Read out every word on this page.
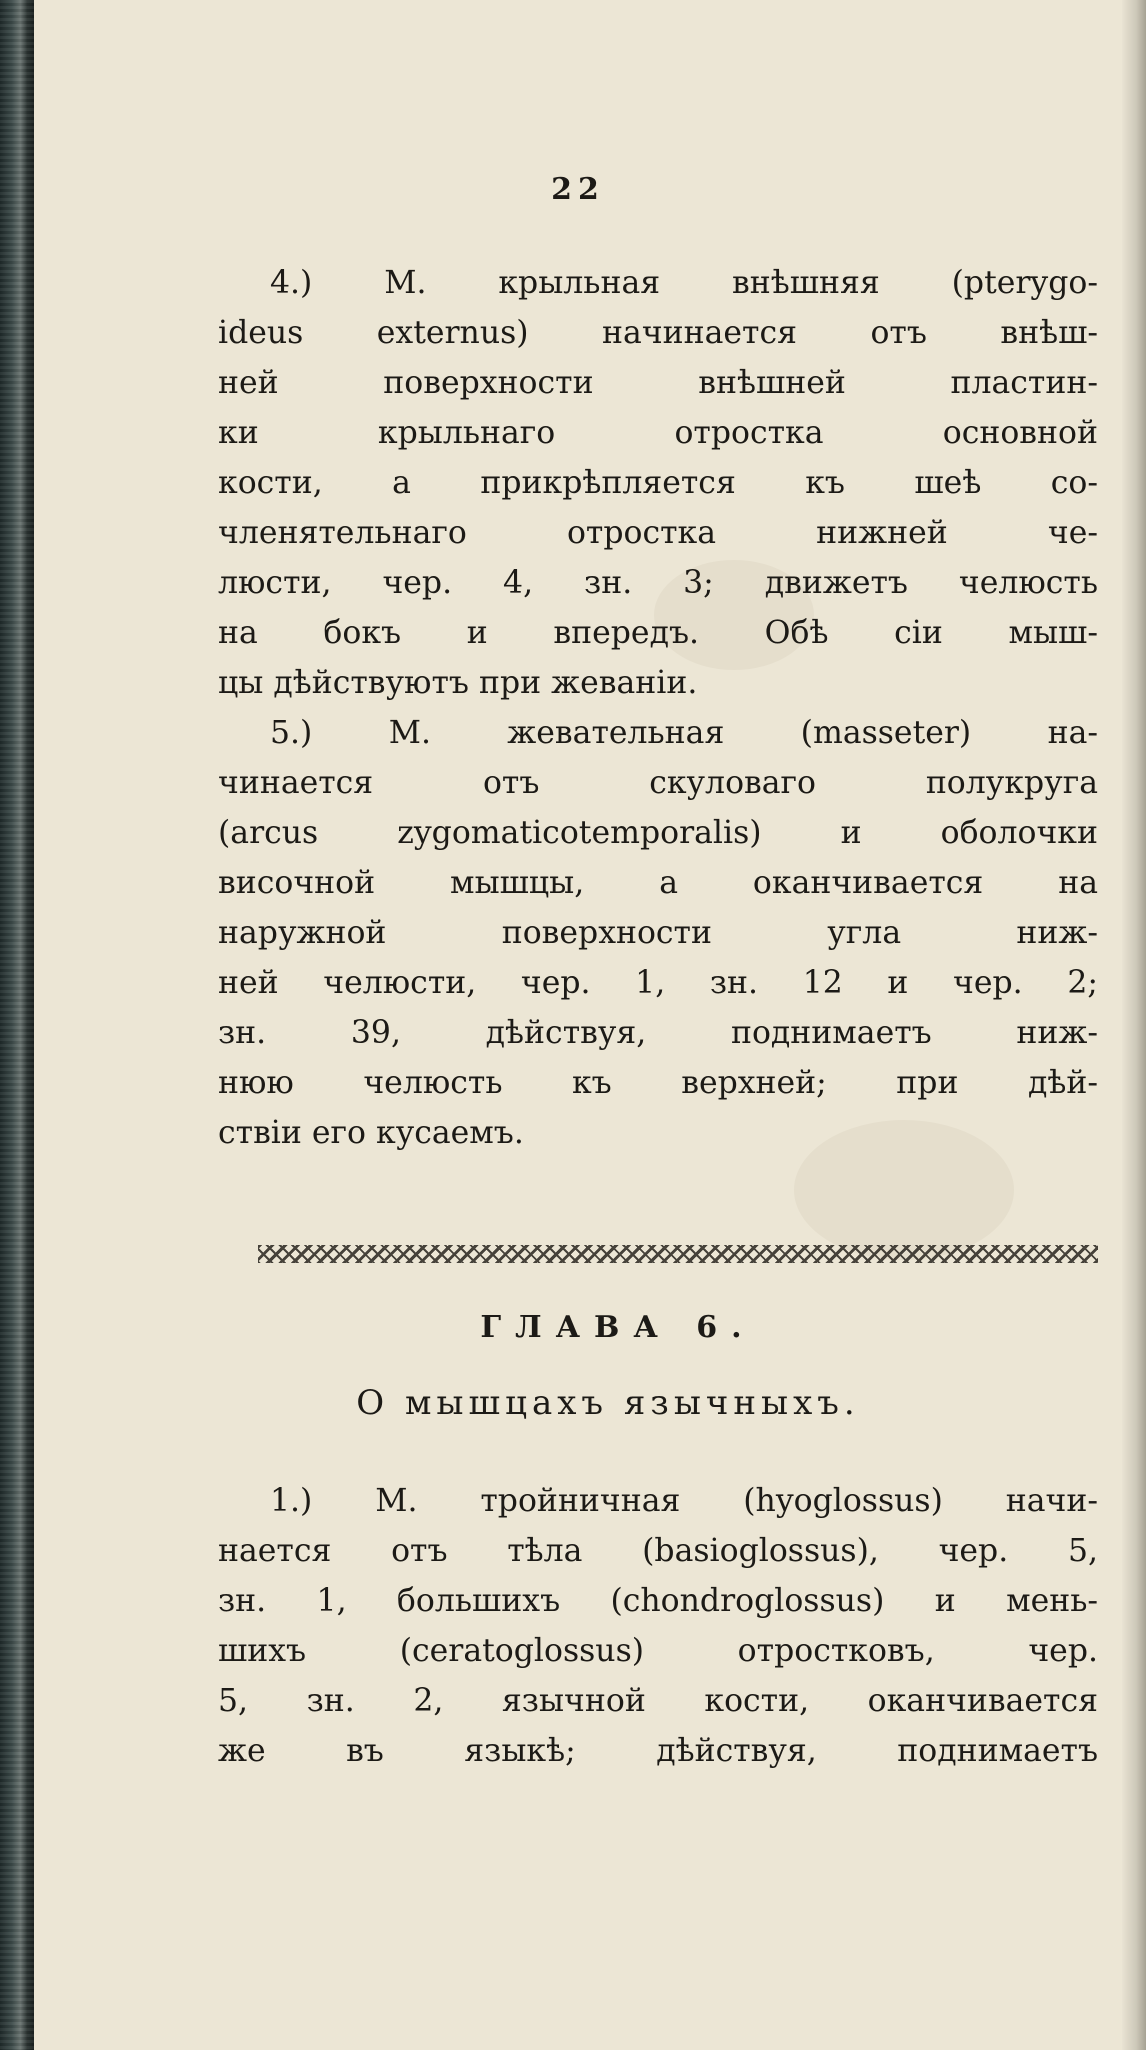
22
4.) М. крыльная внѣшняя (pterygo-
ideus externus) начинается отъ внѣш-
ней поверхности внѣшней пластин-
ки крыльнаго отростка основной
кости, а прикрѣпляется къ шеѣ со-
членятельнаго отростка нижней че-
люсти, чер. 4, зн. 3; движетъ челюсть
на бокъ и впередъ. Обѣ сіи мыш-
цы дѣйствуютъ при жеваніи.
5.) М. жевательная (masseter) на-
чинается отъ скуловаго полукруга
(arcus zygomaticotemporalis) и оболочки
височной мышцы, а оканчивается на
наружной поверхности угла ниж-
ней челюсти, чер. 1, зн. 12 и чер. 2;
зн. 39, дѣйствуя, поднимаетъ ниж-
нюю челюсть къ верхней; при дѣй-
ствіи его кусаемъ.
ГЛАВА 6.
О мышцахъ язычныхъ.
1.) М. тройничная (hyoglossus) начи-
нается отъ тѣла (basioglossus), чер. 5,
зн. 1, большихъ (chondroglossus) и мень-
шихъ (ceratoglossus) отростковъ, чер.
5, зн. 2, язычной кости, оканчивается
же въ языкѣ; дѣйствуя, поднимаетъ
